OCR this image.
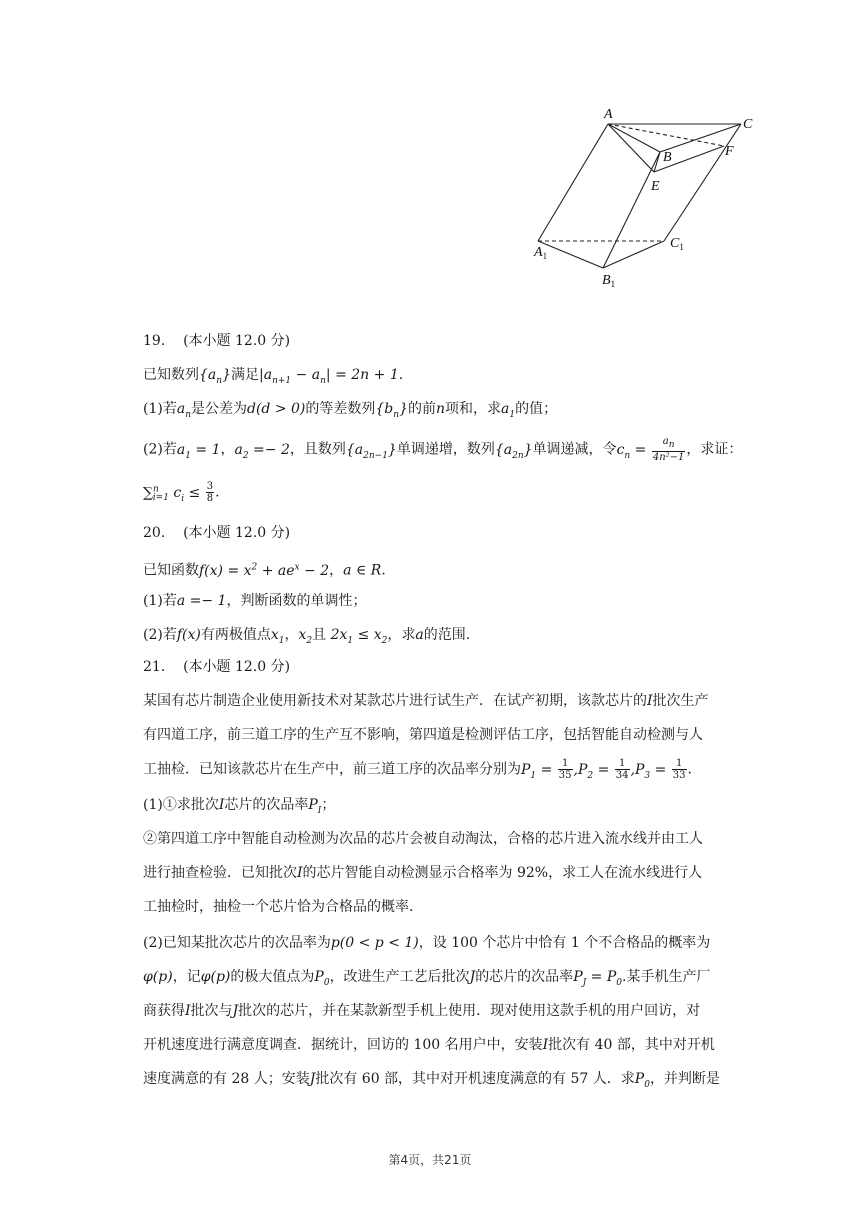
A
C
B	F
E
$A_1$
$C_1$
$B_1$
19. (本小题 12.0 分)
已知数列$\{a_n\}$满足$|a_{n+1} - a_n| = 2n + 1$.
(1)若$a_n$是公差为d(d > 0)的等差数列$\{b_n\}$的前n项和，求$a_1$的值；
(2)若$a_1 = 1$，$a_2 =- 2$，且数列$\{a_{2n-1}\}$单调递增，数列$\{a_{2n}\}$单调递减，令$c_n = \frac{a_n}{\text{4n²−1}}$ ，求证：
∑$^n_{i=1}$ $c_i \le \frac{3}{8}$ .
20. (本小题 12.0 分)
已知函数$f(x) = x^2 + ae^x - 2$，a ∈ R.
(1)若a =− 1，判断函数的单调性；
(2)若f(x)有两极值点$x_1$，$x_2$且 $2x_1 \le x_2$，求a的范围.
21. (本小题 12.0 分)
某国有芯片制造企业使用新技术对某款芯片进行试生产．在试产初期，该款芯片的I批次生产
有四道工序，前三道工序的生产互不影响，第四道是检测评估工序，包括智能自动检测与人
工抽检．已知该款芯片在生产中，前三道工序的次品率分别为$P_1 = \frac{1}{35} ,P_2 = \frac{1}{34} ,P_3 = \frac{1}{33}$ .
(1)①求批次I芯片的次品率$P_I$；
②第四道工序中智能自动检测为次品的芯片会被自动淘汰，合格的芯片进入流水线并由工人
进行抽查检验．已知批次I的芯片智能自动检测显示合格率为 92%，求工人在流水线进行人
工抽检时，抽检一个芯片恰为合格品的概率．
(2)已知某批次芯片的次品率为p(0 < p < 1)，设 100 个芯片中恰有 1 个不合格品的概率为
φ(p)，记φ(p)的极大值点为$P_0$，改进生产工艺后批次J的芯片的次品率$P_J = P_0$.某手机生产厂
商获得I批次与J批次的芯片，并在某款新型手机上使用．现对使用这款手机的用户回访，对
开机速度进行满意度调查．据统计，回访的 100 名用户中，安装I批次有 40 部，其中对开机
速度满意的有 28 人；安装J批次有 60 部，其中对开机速度满意的有 57 人．求$P_0$，并判断是
第4页，共21页
